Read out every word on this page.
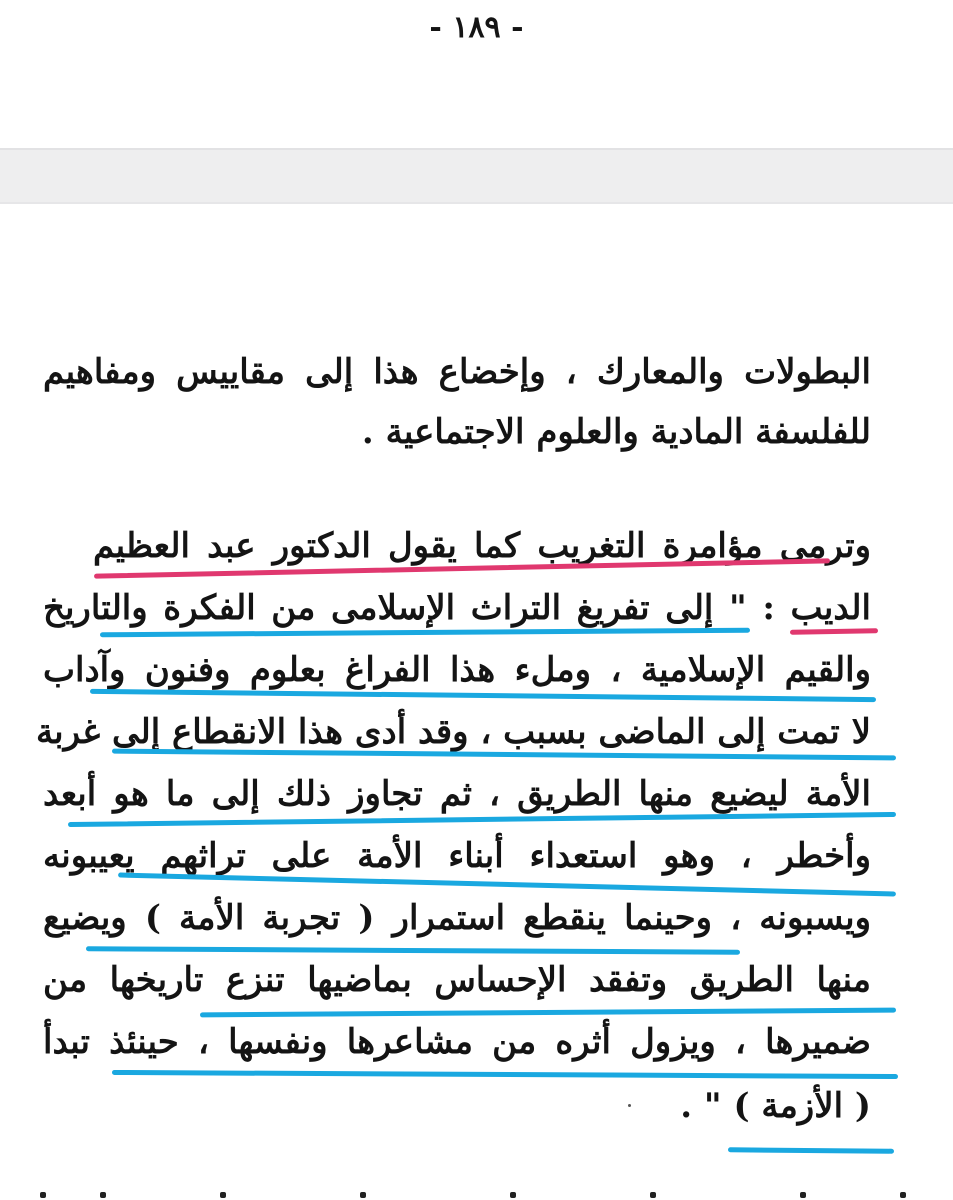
- ١٨٩ -
البطولات والمعارك ، وإخضاع هذا إلى مقاييس ومفاهيم
للفلسفة المادية والعلوم الاجتماعية .
وترمى مؤامرة التغريب كما يقول الدكتور عبد العظيم
الديب : " إلى تفريغ التراث الإسلامى من الفكرة والتاريخ
والقيم الإسلامية ، وملء هذا الفراغ بعلوم وفنون وآداب
لا تمت إلى الماضى بسبب ، وقد أدى هذا الانقطاع إلى غربة
الأمة ليضيع منها الطريق ، ثم تجاوز ذلك إلى ما هو أبعد
وأخطر ، وهو استعداء أبناء الأمة على تراثهم يعيبونه
ويسبونه ، وحينما ينقطع استمرار ( تجربة الأمة ) ويضيع
منها الطريق وتفقد الإحساس بماضيها تنزع تاريخها من
ضميرها ، ويزول أثره من مشاعرها ونفسها ، حينئذ تبدأ
( الأزمة ) " .
